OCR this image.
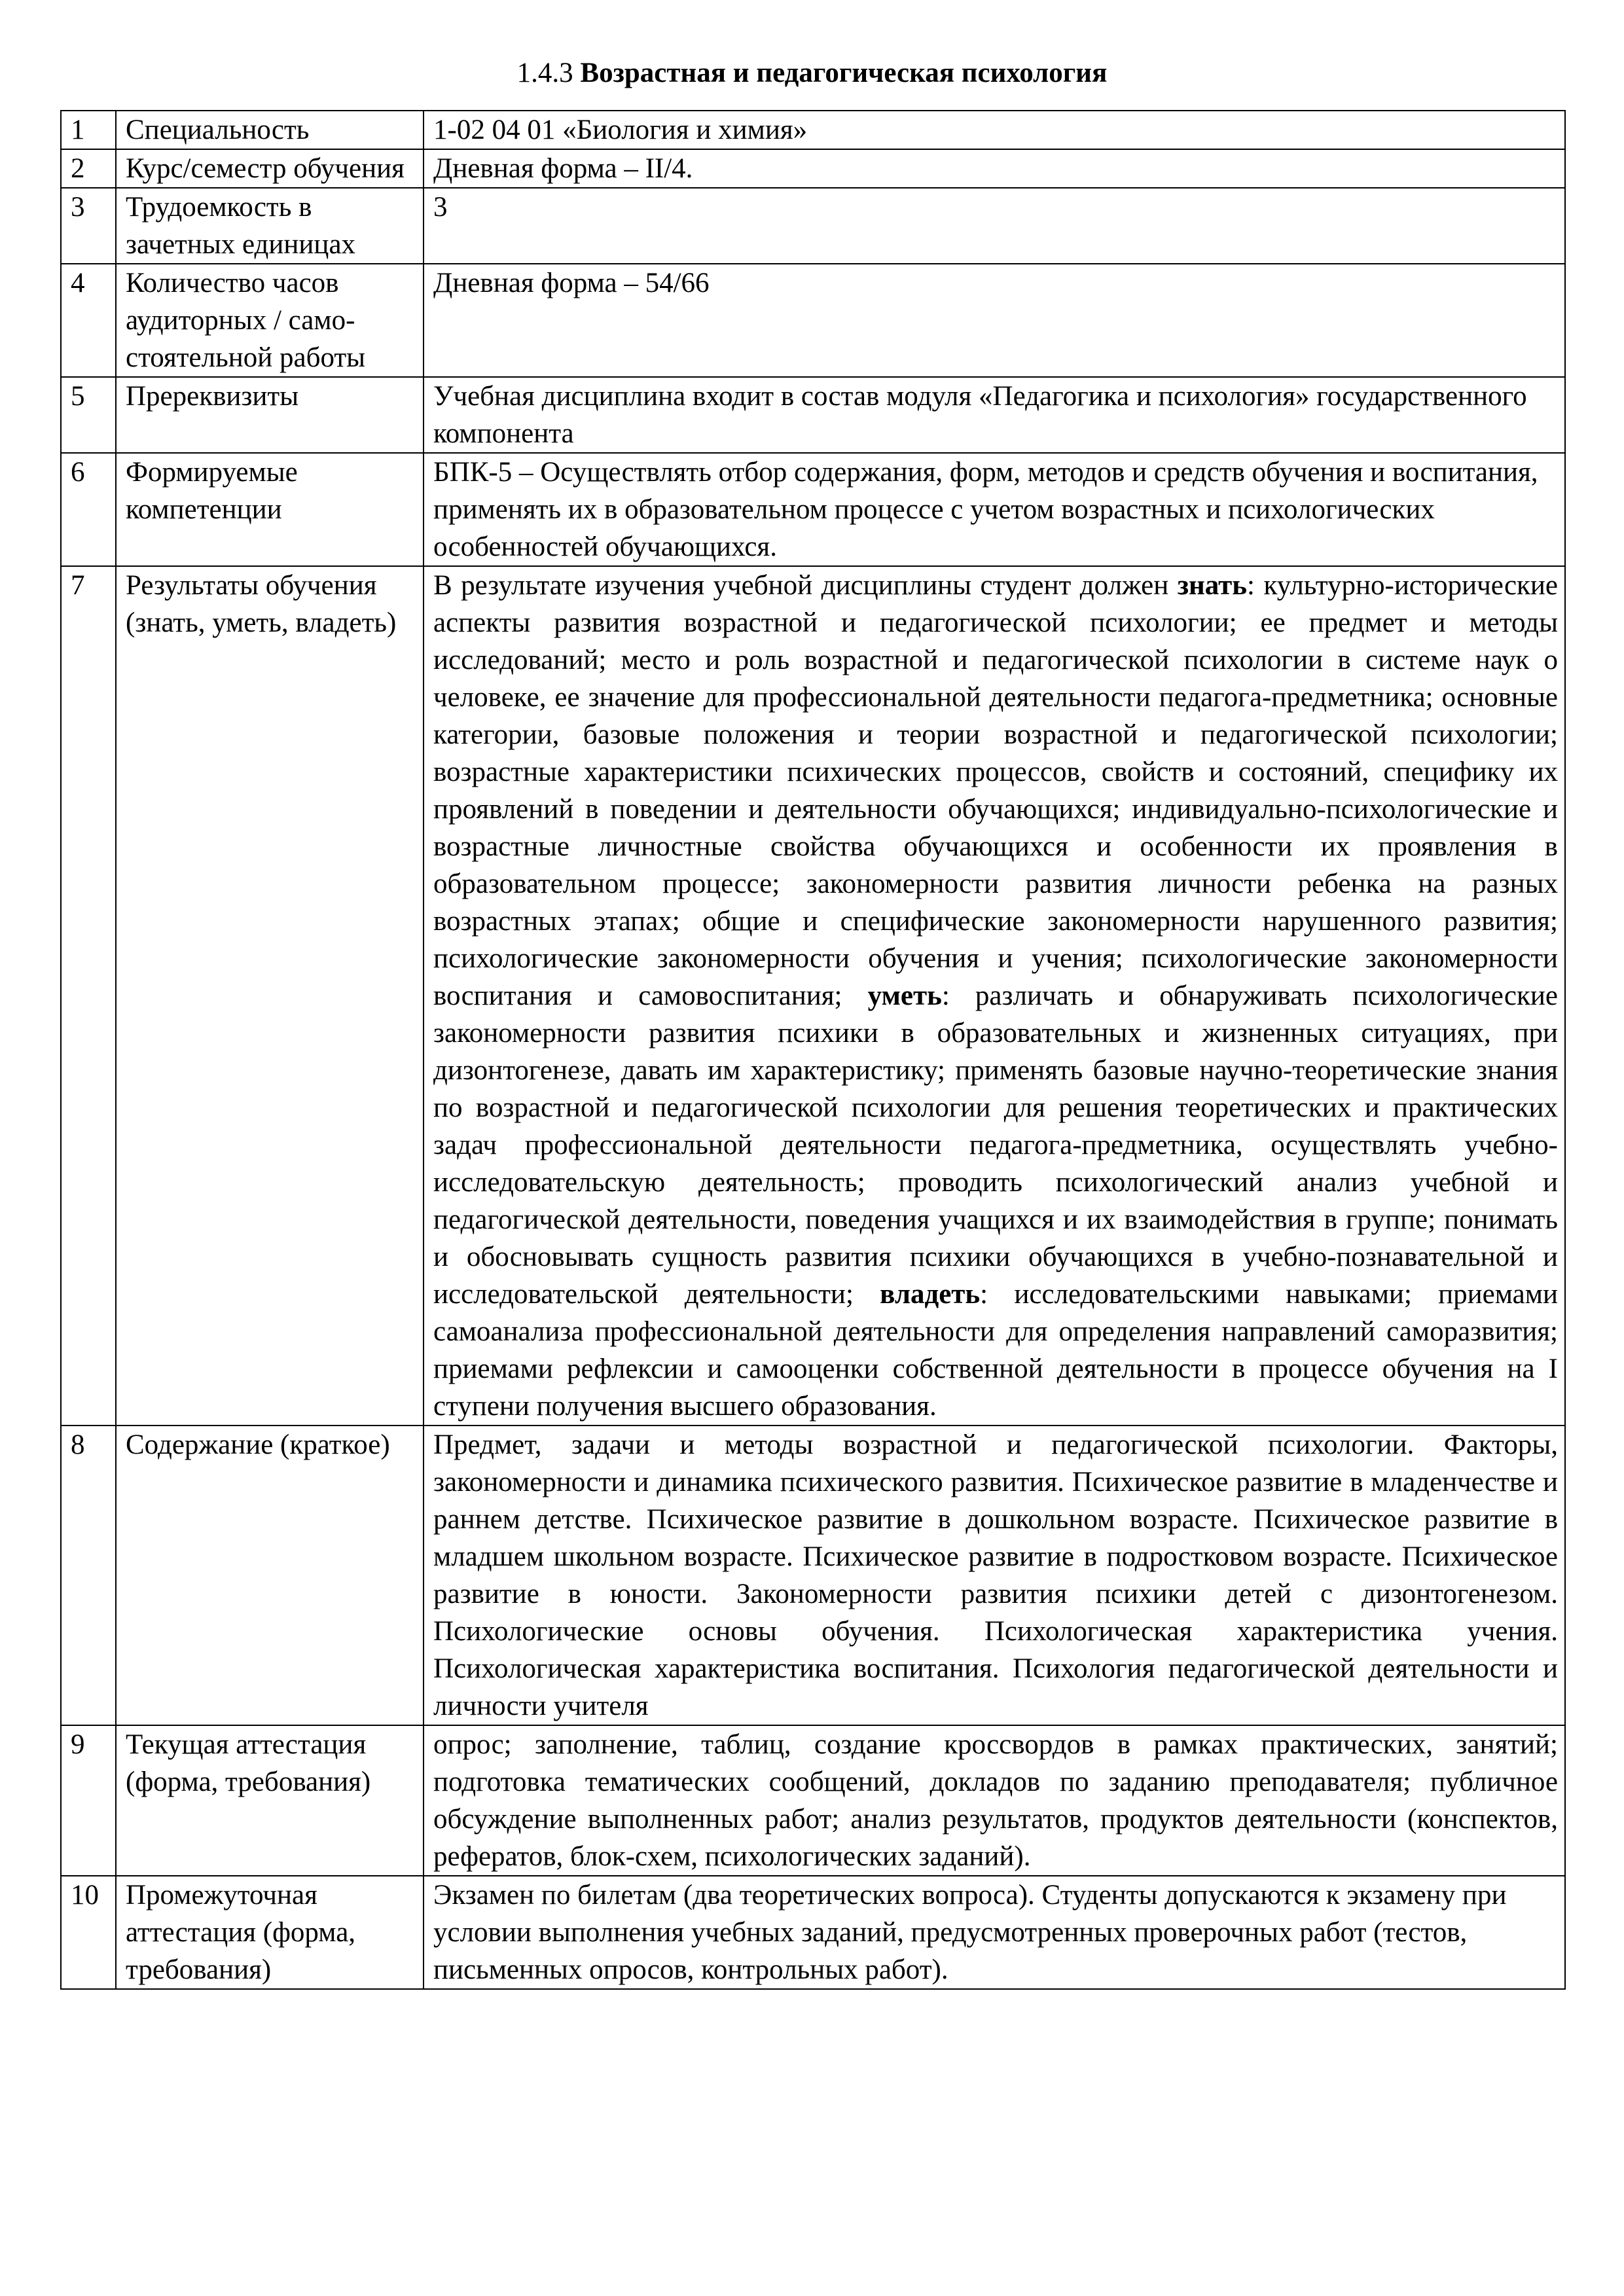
1.4.3 Возрастная и педагогическая психология
1	Специальность	1-02 04 01 «Биология и химия»
2	Курс/семестр обучения	Дневная форма – II/4.
3	Трудоемкость в зачетных единицах	3
4	Количество часов аудиторных / само-стоятельной работы	Дневная форма – 54/66
5	Пререквизиты	Учебная дисциплина входит в состав модуля «Педагогика и психология» государственного компонента
6	Формируемые компетенции	БПК-5 – Осуществлять отбор содержания, форм, методов и средств обучения и воспитания, применять их в образовательном процессе с учетом возрастных и психологических особенностей обучающихся.
7	Результаты обучения (знать, уметь, владеть)	В результате изучения учебной дисциплины студент должен знать: культурно-исторические аспекты развития возрастной и педагогической психологии; ее предмет и методы исследований; место и роль возрастной и педагогической психологии в системе наук о человеке, ее значение для профессиональной деятельности педагога-предметника; основные категории, базовые положения и теории возрастной и педагогической психологии; возрастные характеристики психических процессов, свойств и состояний, специфику их проявлений в поведении и деятельности обучающихся; индивидуально-психологические и возрастные личностные свойства обучающихся и особенности их проявления в образовательном процессе; закономерности развития личности ребенка на разных возрастных этапах; общие и специфические закономерности нарушенного развития; психологические закономерности обучения и учения; психологические закономерности воспитания и самовоспитания; уметь: различать и обнаруживать психологические закономерности развития психики в образовательных и жизненных ситуациях, при дизонтогенезе, давать им характеристику; применять базовые научно-теоретические знания по возрастной и педагогической психологии для решения теоретических и практических задач профессиональной деятельности педагога-предметника, осуществлять учебно-исследовательскую деятельность; проводить психологический анализ учебной и педагогической деятельности, поведения учащихся и их взаимодействия в группе; понимать и обосновывать сущность развития психики обучающихся в учебно-познавательной и исследовательской деятельности; владеть: исследовательскими навыками; приемами самоанализа профессиональной деятельности для определения направлений саморазвития; приемами рефлексии и самооценки собственной деятельности в процессе обучения на I ступени получения высшего образования.
8	Содержание (краткое)	Предмет, задачи и методы возрастной и педагогической психологии. Факторы, закономерности и динамика психического развития. Психическое развитие в младенчестве и раннем детстве. Психическое развитие в дошкольном возрасте. Психическое развитие в младшем школьном возрасте. Психическое развитие в подростковом возрасте. Психическое развитие в юности. Закономерности развития психики детей с дизонтогенезом. Психологические основы обучения. Психологическая характеристика учения. Психологическая характеристика воспитания. Психология педагогической деятельности и личности учителя
9	Текущая аттестация (форма, требования)	опрос; заполнение, таблиц, создание кроссвордов в рамках практических, занятий; подготовка тематических сообщений, докладов по заданию преподавателя; публичное обсуждение выполненных работ; анализ результатов, продуктов деятельности (конспектов, рефератов, блок-схем, психологических заданий).
10	Промежуточная аттестация (форма, требования)	Экзамен по билетам (два теоретических вопроса). Студенты допускаются к экзамену при условии выполнения учебных заданий, предусмотренных проверочных работ (тестов, письменных опросов, контрольных работ).
